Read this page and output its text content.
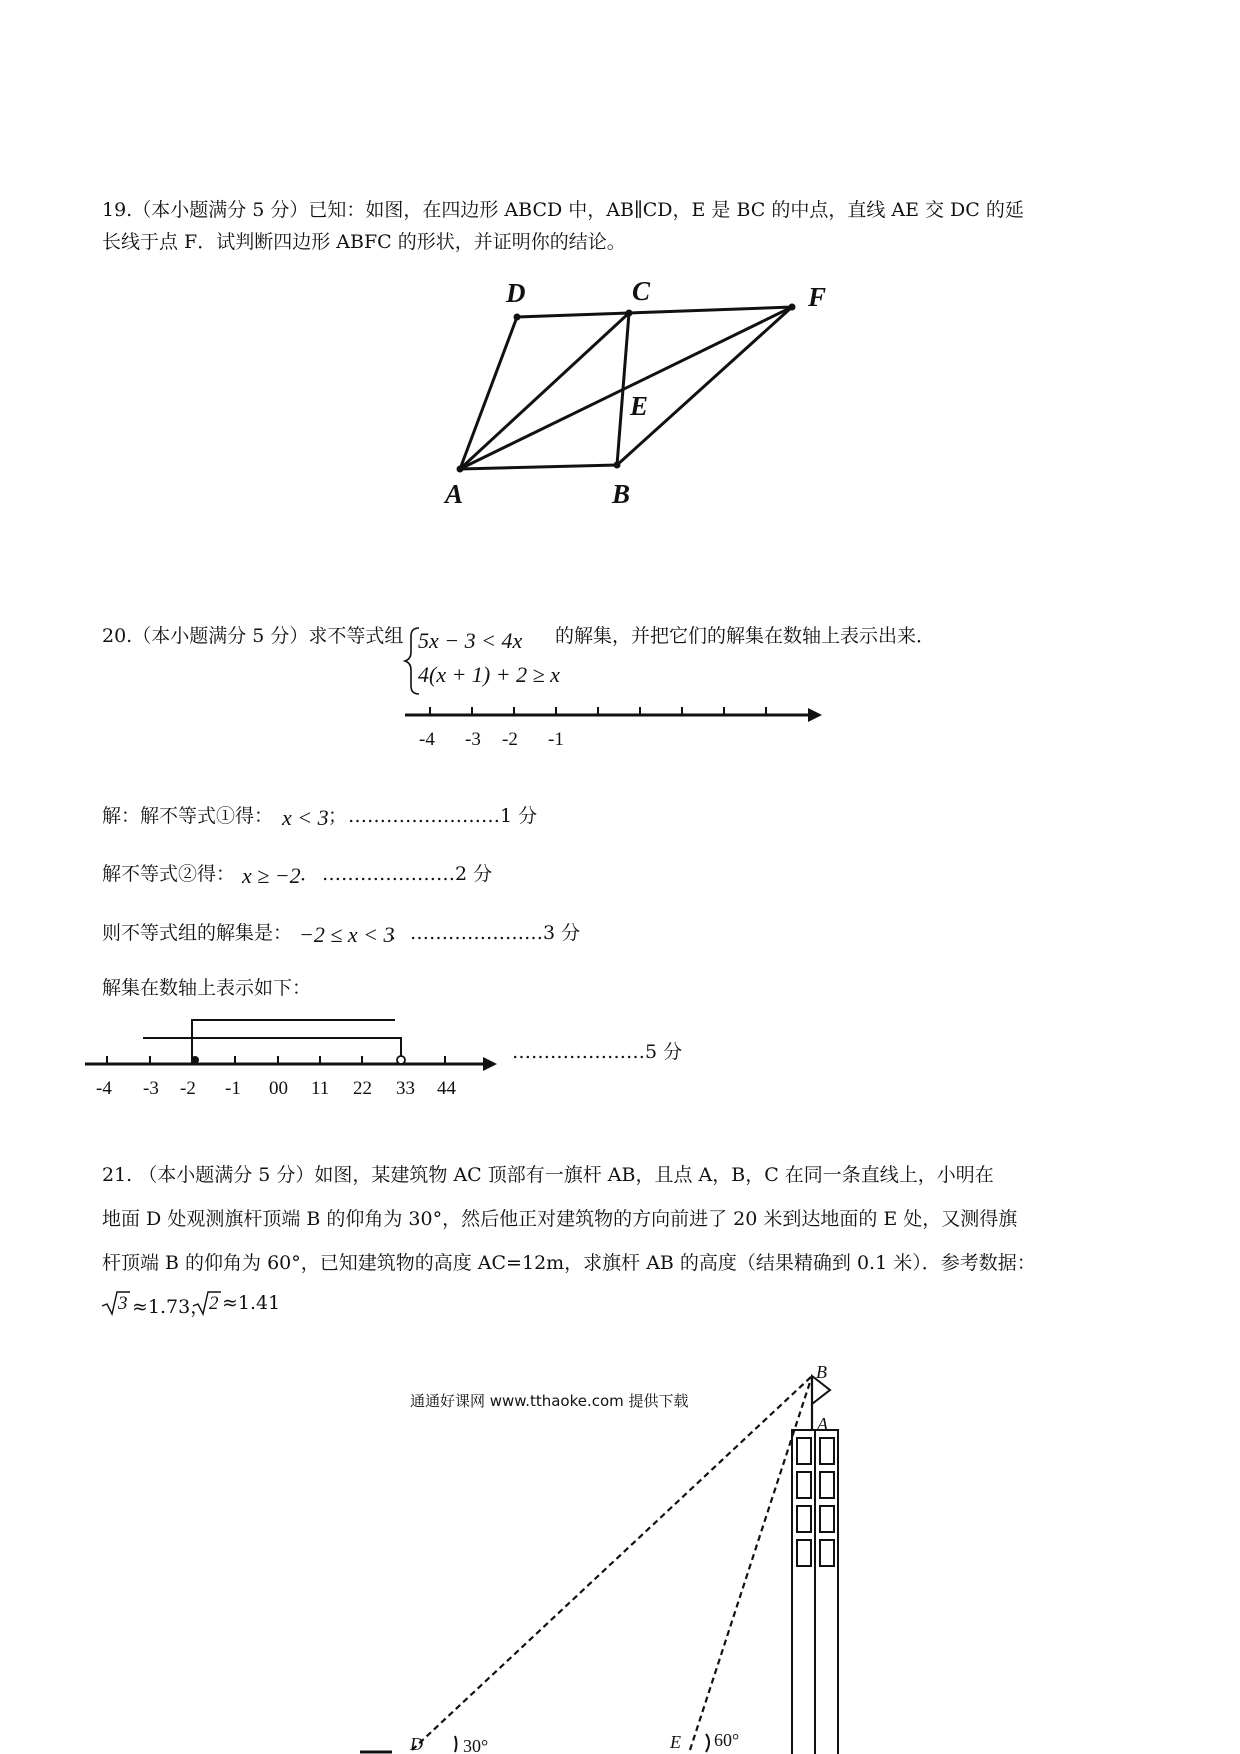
19.（本小题满分 5 分）已知：如图，在四边形 ABCD 中，AB∥CD，E 是 BC 的中点，直线 AE 交 DC 的延
长线于点 F．试判断四边形 ABFC 的形状，并证明你的结论。
D	C	F
E
A	B
20.（本小题满分 5 分）求不等式组 5x − 3 < 4x
4(x + 1) + 2 ≥ x
的解集，并把它们的解集在数轴上表示出来．
-4 -3 -2 -1
解：解不等式①得： x < 3 ； ……………………1 分
解不等式②得： x ≥ −2 ． …………………2 分
则不等式组的解集是： −2 ≤ x < 3
． …………………3 分
解集在数轴上表示如下：
-4 -3 -2 -1 00 11 22 33 44
…………………5 分
21. （本小题满分 5 分）如图，某建筑物 AC 顶部有一旗杆 AB，且点 A，B，C 在同一条直线上，小明在
地面 D 处观测旗杆顶端 B 的仰角为 30°，然后他正对建筑物的方向前进了 20 米到达地面的 E 处，又测得旗
杆顶端 B 的仰角为 60°，已知建筑物的高度 AC=12m，求旗杆 AB 的高度（结果精确到 0.1 米）．参考数据：
3 ≈1.73， 2 ≈1.41
通通好课网 www.tthaoke.com 提供下载
B
A
D	E
30°	60°
